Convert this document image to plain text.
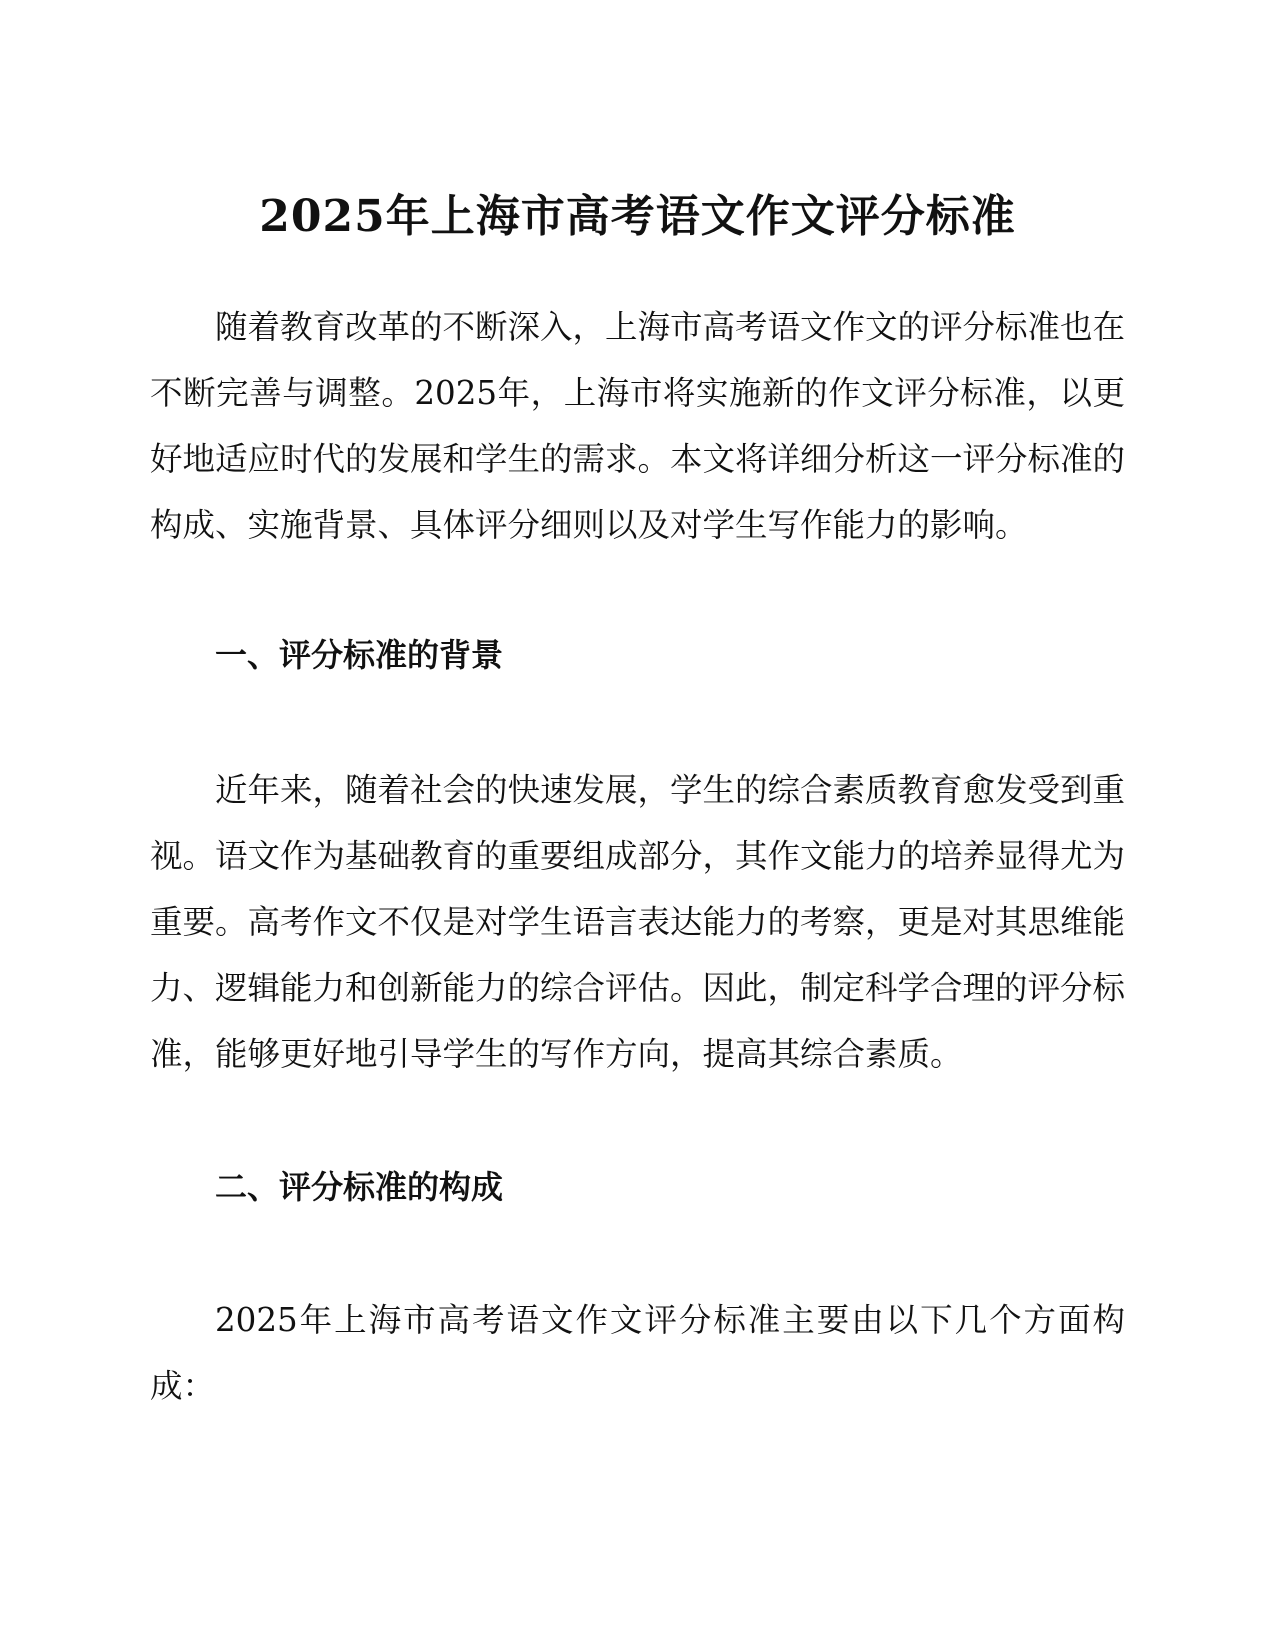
2025年上海市高考语文作文评分标准

随着教育改革的不断深入，上海市高考语文作文的评分标准也在不断完善与调整。2025年，上海市将实施新的作文评分标准，以更好地适应时代的发展和学生的需求。本文将详细分析这一评分标准的构成、实施背景、具体评分细则以及对学生写作能力的影响。

一、评分标准的背景

近年来，随着社会的快速发展，学生的综合素质教育愈发受到重视。语文作为基础教育的重要组成部分，其作文能力的培养显得尤为重要。高考作文不仅是对学生语言表达能力的考察，更是对其思维能力、逻辑能力和创新能力的综合评估。因此，制定科学合理的评分标准，能够更好地引导学生的写作方向，提高其综合素质。

二、评分标准的构成

2025年上海市高考语文作文评分标准主要由以下几个方面构成：
